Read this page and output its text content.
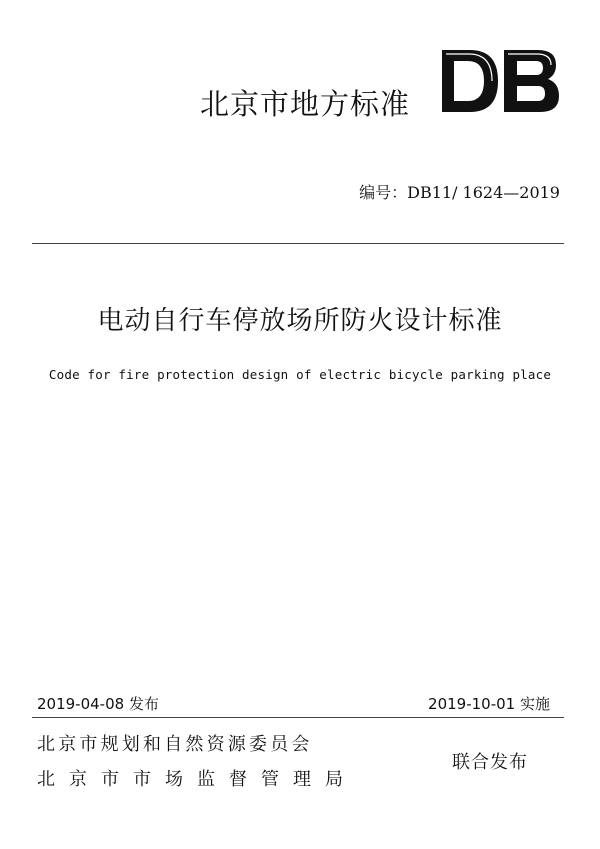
北京市地方标准
编号：DB11/ 1624—2019
电动自行车停放场所防火设计标准
Code for fire protection design of electric bicycle parking place
2019-04-08 发布	2019-10-01 实施
北京市规划和自然资源委员会
北京市市场监督管理局
联合发布
